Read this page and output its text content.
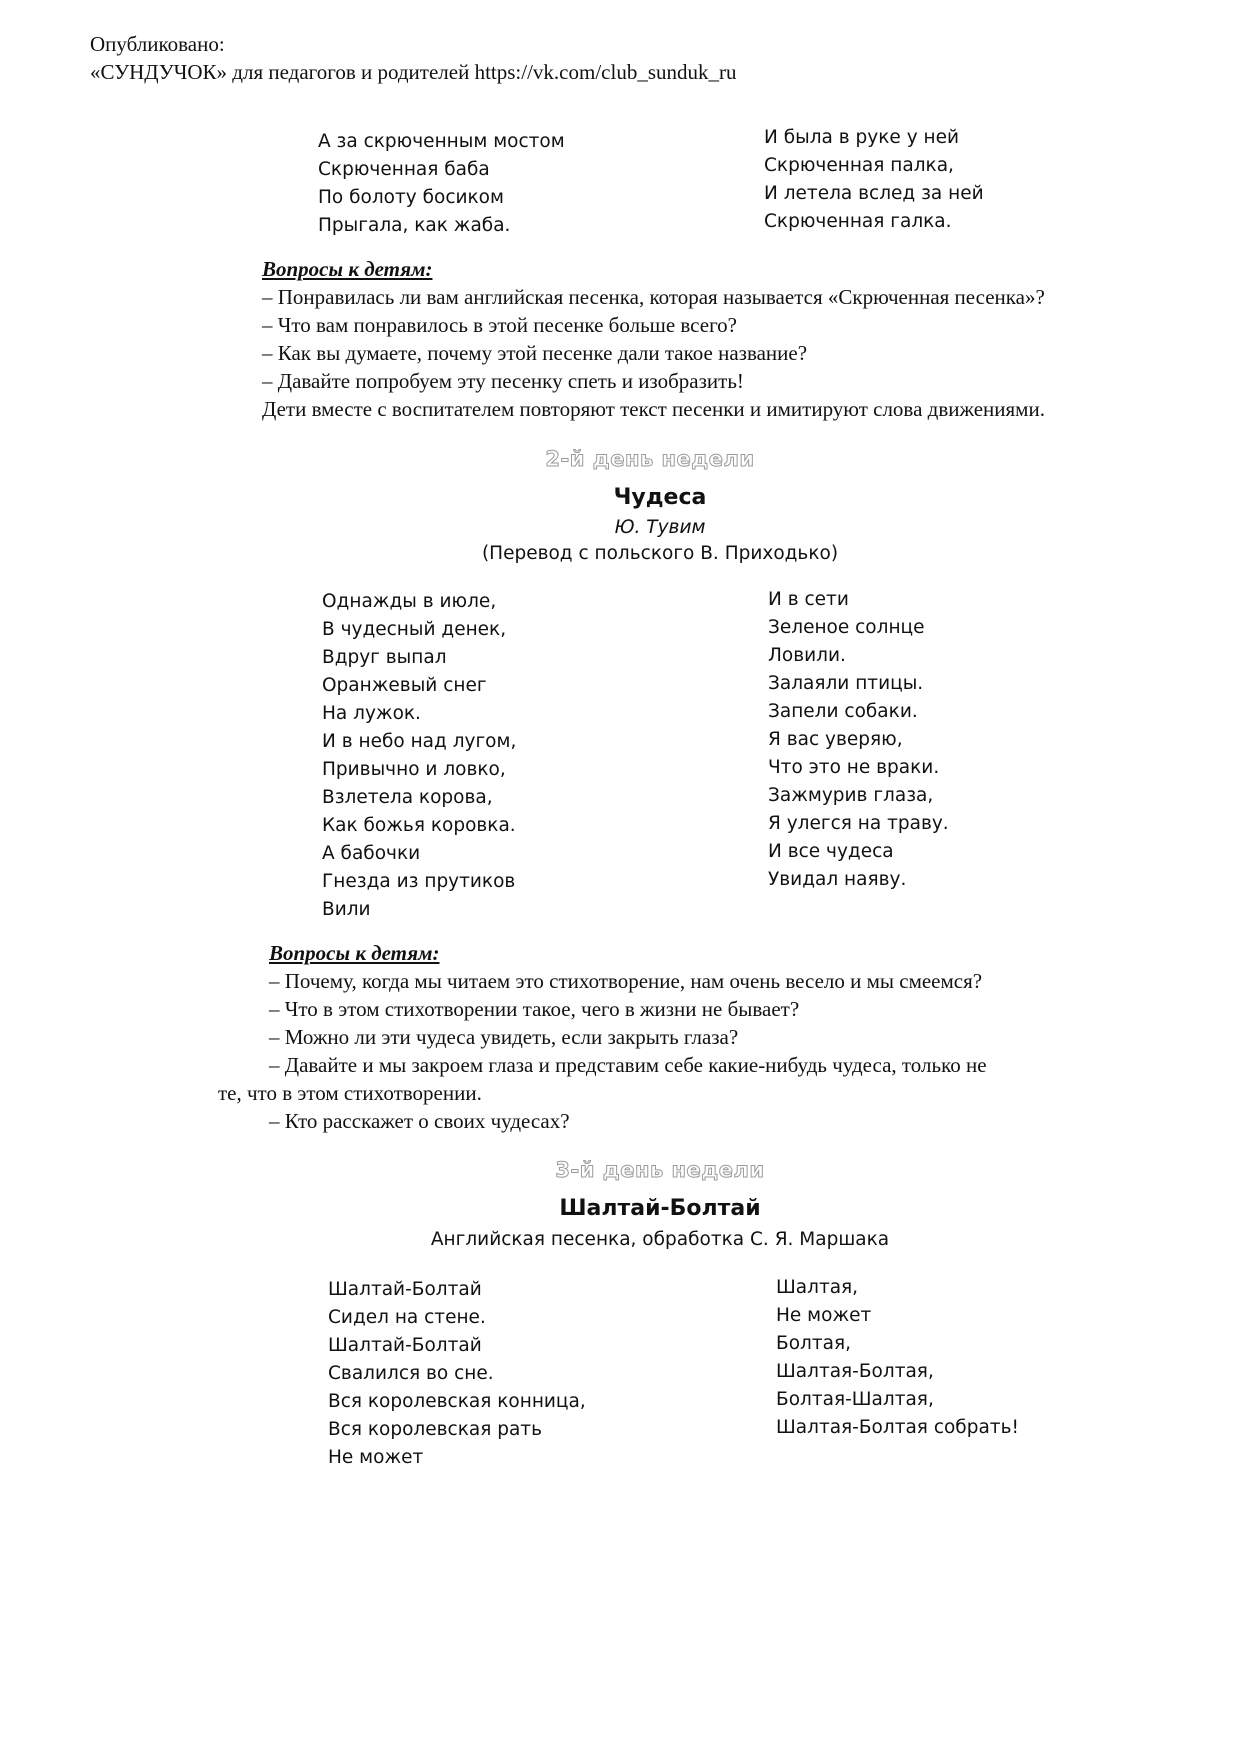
Опубликовано:
«СУНДУЧОК» для педагогов и родителей https://vk.com/club_sunduk_ru
А за скрюченным мостом
Скрюченная баба
По болоту босиком
Прыгала, как жаба.
И была в руке у ней
Скрюченная палка,
И летела вслед за ней
Скрюченная галка.
Вопросы к детям:
– Понравилась ли вам английская песенка, которая называется «Скрюченная песенка»?
– Что вам понравилось в этой песенке больше всего?
– Как вы думаете, почему этой песенке дали такое название?
– Давайте попробуем эту песенку спеть и изобразить!
Дети вместе с воспитателем повторяют текст песенки и имитируют слова движениями.
2-й день недели
Чудеса
Ю. Тувим
(Перевод с польского В. Приходько)
Однажды в июле,
В чудесный денек,
Вдруг выпал
Оранжевый снег
На лужок.
И в небо над лугом,
Привычно и ловко,
Взлетела корова,
Как божья коровка.
А бабочки
Гнезда из прутиков
Вили
И в сети
Зеленое солнце
Ловили.
Залаяли птицы.
Запели собаки.
Я вас уверяю,
Что это не враки.
Зажмурив глаза,
Я улегся на траву.
И все чудеса
Увидал наяву.
Вопросы к детям:
– Почему, когда мы читаем это стихотворение, нам очень весело и мы смеемся?
– Что в этом стихотворении такое, чего в жизни не бывает?
– Можно ли эти чудеса увидеть, если закрыть глаза?
– Давайте и мы закроем глаза и представим себе какие-нибудь чудеса, только не
те, что в этом стихотворении.
– Кто расскажет о своих чудесах?
3-й день недели
Шалтай-Болтай
Английская песенка, обработка С. Я. Маршака
Шалтай-Болтай
Сидел на стене.
Шалтай-Болтай
Свалился во сне.
Вся королевская конница,
Вся королевская рать
Не может
Шалтая,
Не может
Болтая,
Шалтая-Болтая,
Болтая-Шалтая,
Шалтая-Болтая собрать!
